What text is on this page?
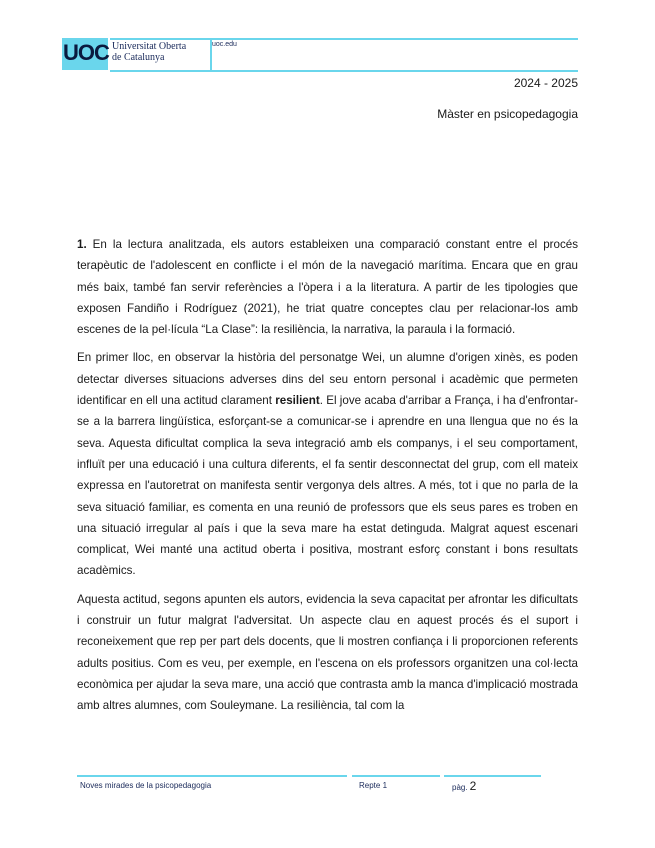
UOC Universitat Oberta
de Catalunya
uoc.edu
2024 - 2025
Màster en psicopedagogia

1. En la lectura analitzada, els autors estableixen una comparació constant entre el procés terapèutic de l'adolescent en conflicte i el món de la navegació marítima. Encara que en grau més baix, també fan servir referències a l'òpera i a la literatura. A partir de les tipologies que exposen Fandiño i Rodríguez (2021), he triat quatre conceptes clau per relacionar-los amb escenes de la pel·lícula “La Clase”: la resiliència, la narrativa, la paraula i la formació.

En primer lloc, en observar la història del personatge Wei, un alumne d'origen xinès, es poden detectar diverses situacions adverses dins del seu entorn personal i acadèmic que permeten identificar en ell una actitud clarament resilient. El jove acaba d'arribar a França, i ha d'enfrontar-se a la barrera lingüística, esforçant-se a comunicar-se i aprendre en una llengua que no és la seva. Aquesta dificultat complica la seva integració amb els companys, i el seu comportament, influït per una educació i una cultura diferents, el fa sentir desconnectat del grup, com ell mateix expressa en l'autoretrat on manifesta sentir vergonya dels altres. A més, tot i que no parla de la seva situació familiar, es comenta en una reunió de professors que els seus pares es troben en una situació irregular al país i que la seva mare ha estat detinguda. Malgrat aquest escenari complicat, Wei manté una actitud oberta i positiva, mostrant esforç constant i bons resultats acadèmics.

Aquesta actitud, segons apunten els autors, evidencia la seva capacitat per afrontar les dificultats i construir un futur malgrat l'adversitat. Un aspecte clau en aquest procés és el suport i reconeixement que rep per part dels docents, que li mostren confiança i li proporcionen referents adults positius. Com es veu, per exemple, en l'escena on els professors organitzen una col·lecta econòmica per ajudar la seva mare, una acció que contrasta amb la manca d'implicació mostrada amb altres alumnes, com Souleymane. La resiliència, tal com la

Noves mirades de la psicopedagogia	Repte 1	pàg. 2
